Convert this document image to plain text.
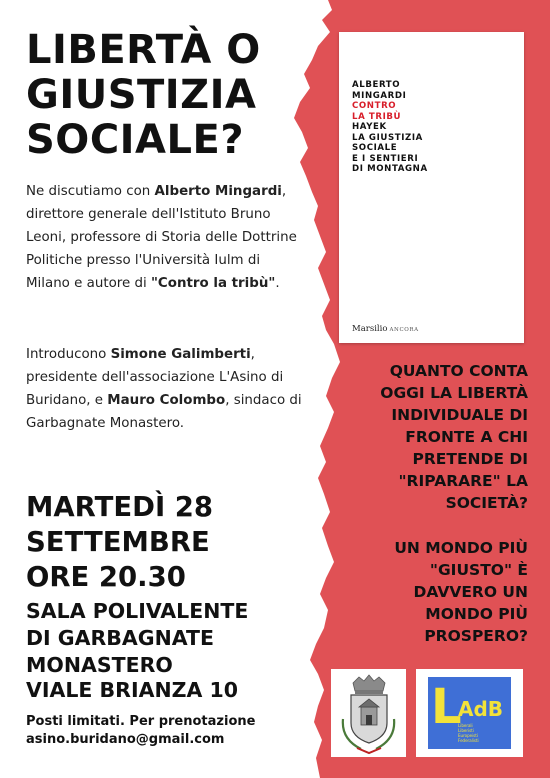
LIBERTÀ O
GIUSTIZIA
SOCIALE?

Ne discutiamo con Alberto Mingardi, direttore generale dell'Istituto Bruno Leoni, professore di Storia delle Dottrine Politiche presso l'Università Iulm di Milano e autore di "Contro la tribù".

Introducono Simone Galimberti, presidente dell'associazione L'Asino di Buridano, e Mauro Colombo, sindaco di Garbagnate Monastero.

MARTEDÌ 28
SETTEMBRE
ORE 20.30
SALA POLIVALENTE
DI GARBAGNATE
MONASTERO
VIALE BRIANZA 10
Posti limitati. Per prenotazione
asino.buridano@gmail.com
ALBERTO
MINGARDI
CONTRO
LA TRIBÙ
HAYEK
LA GIUSTIZIA
SOCIALE
E I SENTIERI
DI MONTAGNA
Marsilio ANCORA
QUANTO CONTA
OGGI LA LIBERTÀ
INDIVIDUALE DI
FRONTE A CHI
PRETENDE DI
"RIPARARE" LA
SOCIETÀ?
UN MONDO PIÙ
"GIUSTO" È
DAVVERO UN
MONDO PIÙ
PROSPERO?
L
AdB
Liberali
Liberisti
Europeisti
Federalisti
